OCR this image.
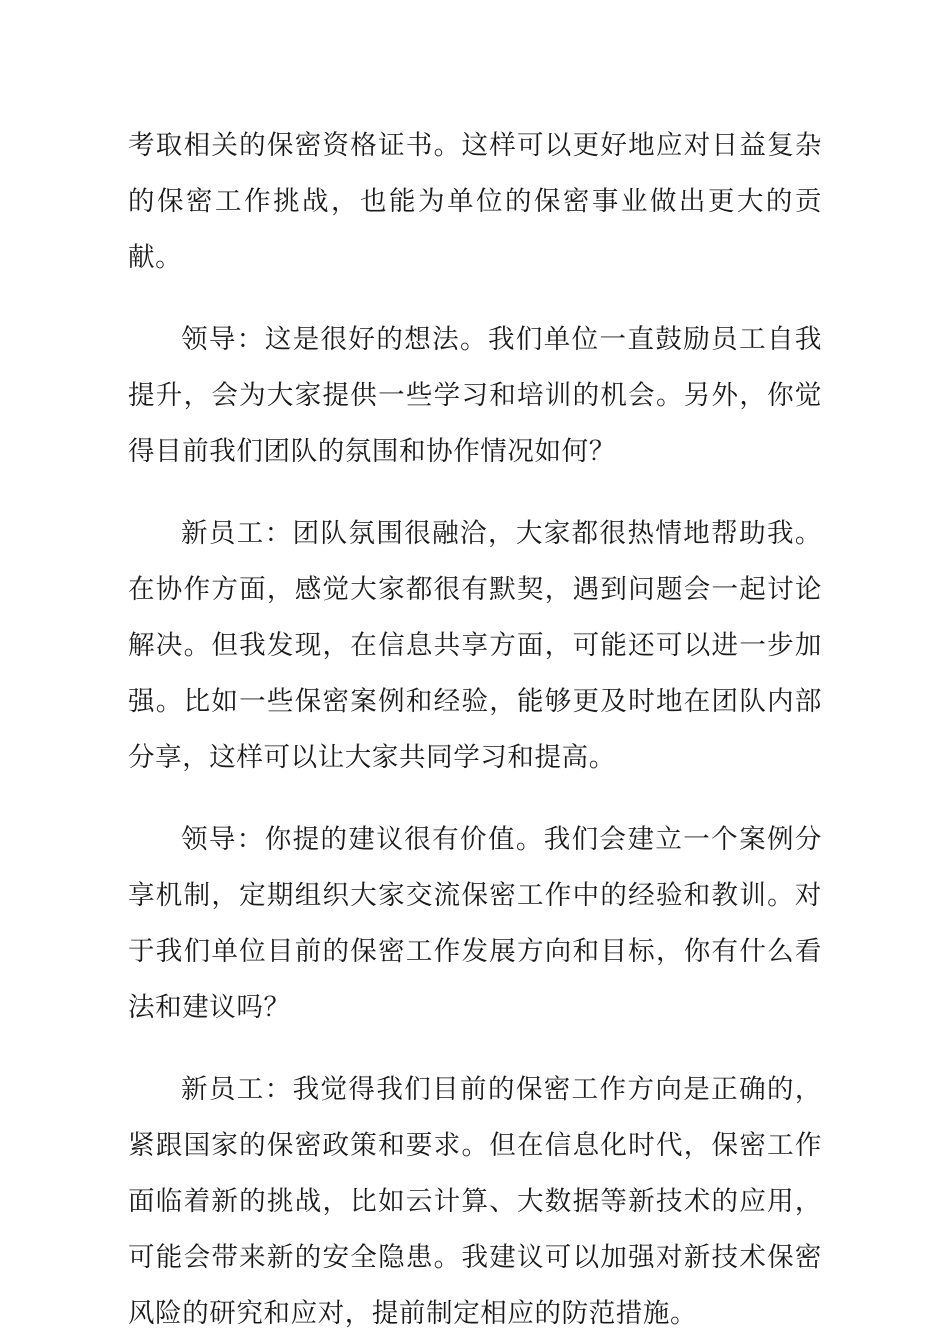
考取相关的保密资格证书。这样可以更好地应对日益复杂的保密工作挑战，也能为单位的保密事业做出更大的贡献。

领导：这是很好的想法。我们单位一直鼓励员工自我提升，会为大家提供一些学习和培训的机会。另外，你觉得目前我们团队的氛围和协作情况如何？

新员工：团队氛围很融洽，大家都很热情地帮助我。在协作方面，感觉大家都很有默契，遇到问题会一起讨论解决。但我发现，在信息共享方面，可能还可以进一步加强。比如一些保密案例和经验，能够更及时地在团队内部分享，这样可以让大家共同学习和提高。

领导：你提的建议很有价值。我们会建立一个案例分享机制，定期组织大家交流保密工作中的经验和教训。对于我们单位目前的保密工作发展方向和目标，你有什么看法和建议吗？

新员工：我觉得我们目前的保密工作方向是正确的，紧跟国家的保密政策和要求。但在信息化时代，保密工作面临着新的挑战，比如云计算、大数据等新技术的应用，可能会带来新的安全隐患。我建议可以加强对新技术保密风险的研究和应对，提前制定相应的防范措施。
